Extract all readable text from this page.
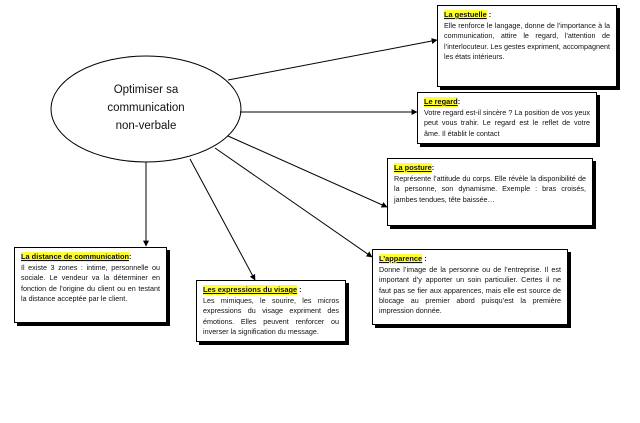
Optimiser sa
communication
non-verbale
La gestuelle :
Elle renforce le langage, donne de l’importance à la communication, attire le regard, l’attention de l’interlocuteur. Les gestes expriment, accompagnent les états intérieurs.
Le regard:
Votre regard est-il sincère ? La position de vos yeux peut vous trahir. Le regard est le reflet de votre âme. Il établit le contact
La posture:
Représente l’attitude du corps. Elle révèle la disponibilité de la personne, son dynamisme. Exemple : bras croisés, jambes tendues, tête baissée…
L’apparence :
Donne l’image de la personne ou de l’entreprise. Il est important d’y apporter un soin particulier. Certes il ne faut pas se fier aux apparences, mais elle est source de blocage au premier abord puisqu’est la première impression donnée.
Les expressions du visage :
Les mimiques, le sourire, les micros expressions du visage expriment des émotions. Elles peuvent renforcer ou inverser la signification du message.
La distance de communication:
Il existe 3 zones : intime, personnelle ou sociale. Le vendeur va la déterminer en fonction de l’origine du client ou en testant la distance acceptée par le client.
